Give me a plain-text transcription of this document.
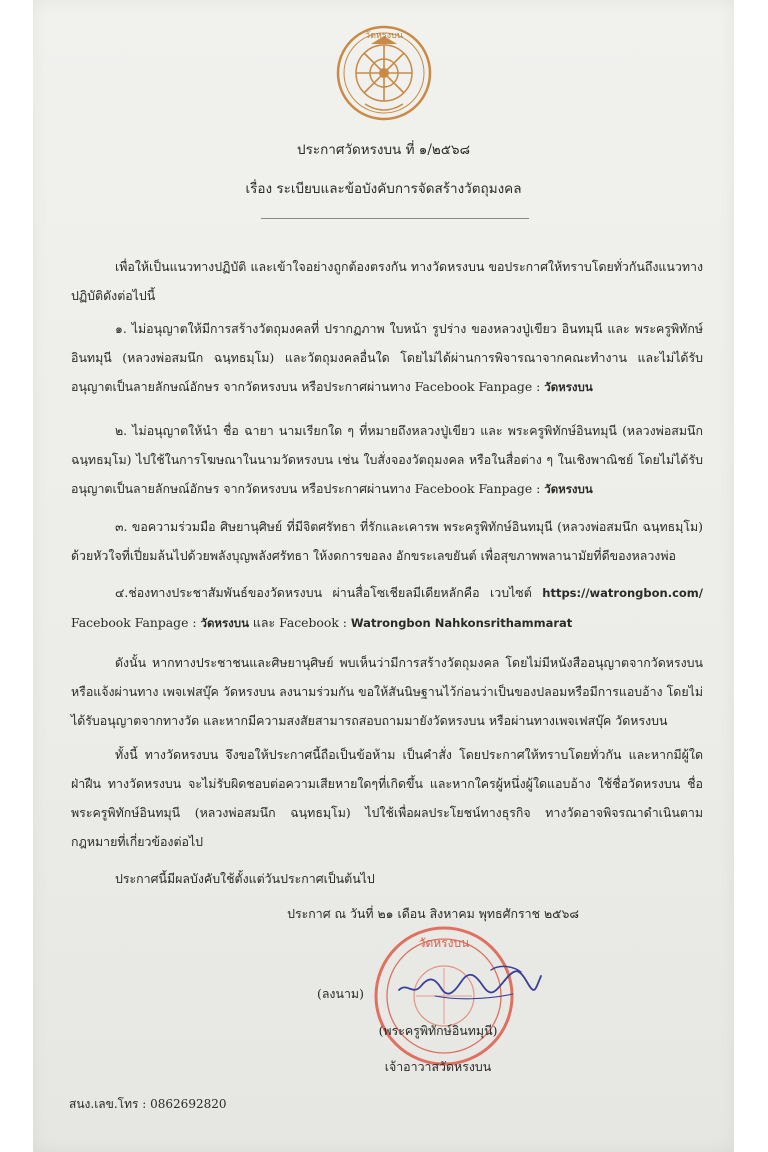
วัดหรงบน
ประกาศวัดหรงบน ที่ ๑/๒๕๖๘
เรื่อง ระเบียบและข้อบังคับการจัดสร้างวัตถุมงคล
เพื่อให้เป็นแนวทางปฏิบัติ และเข้าใจอย่างถูกต้องตรงกัน ทางวัดหรงบน ขอประกาศให้ทราบโดยทั่วกันถึงแนวทางปฏิบัติดังต่อไปนี้
๑. ไม่อนุญาตให้มีการสร้างวัตถุมงคลที่ ปรากฏภาพ ใบหน้า รูปร่าง ของหลวงปู่เขียว อินทมุนี และ พระครูพิทักษ์อินทมุนี (หลวงพ่อสมนึก ฉนฺทธมฺโม) และวัตถุมงคลอื่นใด โดยไม่ได้ผ่านการพิจารณาจากคณะทำงาน และไม่ได้รับอนุญาตเป็นลายลักษณ์อักษร จากวัดหรงบน หรือประกาศผ่านทาง Facebook Fanpage : วัดหรงบน
๒. ไม่อนุญาตให้นำ ชื่อ ฉายา นามเรียกใด ๆ ที่หมายถึงหลวงปู่เขียว และ พระครูพิทักษ์อินทมุนี (หลวงพ่อสมนึก ฉนฺทธมฺโม) ไปใช้ในการโฆษณาในนามวัดหรงบน เช่น ใบสั่งจองวัตถุมงคล หรือในสื่อต่าง ๆ ในเชิงพาณิชย์ โดยไม่ได้รับอนุญาตเป็นลายลักษณ์อักษร จากวัดหรงบน หรือประกาศผ่านทาง Facebook Fanpage : วัดหรงบน
๓. ขอความร่วมมือ ศิษยานุศิษย์ ที่มีจิตศรัทธา ที่รักและเคารพ พระครูพิทักษ์อินทมุนี (หลวงพ่อสมนึก ฉนฺทธมฺโม) ด้วยหัวใจที่เปี่ยมล้นไปด้วยพลังบุญพลังศรัทธา ให้งดการขอลง อักขระเลขยันต์ เพื่อสุขภาพพลานามัยที่ดีของหลวงพ่อ
๔.ช่องทางประชาสัมพันธ์ของวัดหรงบน ผ่านสื่อโซเชียลมีเดียหลักคือ เวบไซต์ https://watrongbon.com/ Facebook Fanpage : วัดหรงบน และ Facebook : Watrongbon Nahkonsrithammarat
ดังนั้น หากทางประชาชนและศิษยานุศิษย์ พบเห็นว่ามีการสร้างวัตถุมงคล โดยไม่มีหนังสืออนุญาตจากวัดหรงบน หรือแจ้งผ่านทาง เพจเฟสบุ๊ค วัดหรงบน ลงนามร่วมกัน ขอให้สันนิษฐานไว้ก่อนว่าเป็นของปลอมหรือมีการแอบอ้าง โดยไม่ได้รับอนุญาตจากทางวัด และหากมีความสงสัยสามารถสอบถามมายังวัดหรงบน หรือผ่านทางเพจเฟสบุ๊ค วัดหรงบน
ทั้งนี้ ทางวัดหรงบน จึงขอให้ประกาศนี้ถือเป็นข้อห้าม เป็นคำสั่ง โดยประกาศให้ทราบโดยทั่วกัน และหากมีผู้ใดฝ่าฝืน ทางวัดหรงบน จะไม่รับผิดชอบต่อความเสียหายใดๆที่เกิดขึ้น และหากใครผู้หนึ่งผู้ใดแอบอ้าง ใช้ชื่อวัดหรงบน ชื่อพระครูพิทักษ์อินทมุนี (หลวงพ่อสมนึก ฉนฺทธมฺโม) ไปใช้เพื่อผลประโยชน์ทางธุรกิจ ทางวัดอาจพิจรณาดำเนินตามกฎหมายที่เกี่ยวข้องต่อไป
ประกาศนี้มีผลบังคับใช้ตั้งแต่วันประกาศเป็นต้นไป
ประกาศ ณ วันที่ ๒๑ เดือน สิงหาคม พุทธศักราช ๒๕๖๘
วัดหรงบน
(ลงนาม)
(พระครูพิทักษ์อินทมุนี)
เจ้าอาวาสวัดหรงบน
สนง.เลข.โทร : 0862692820
